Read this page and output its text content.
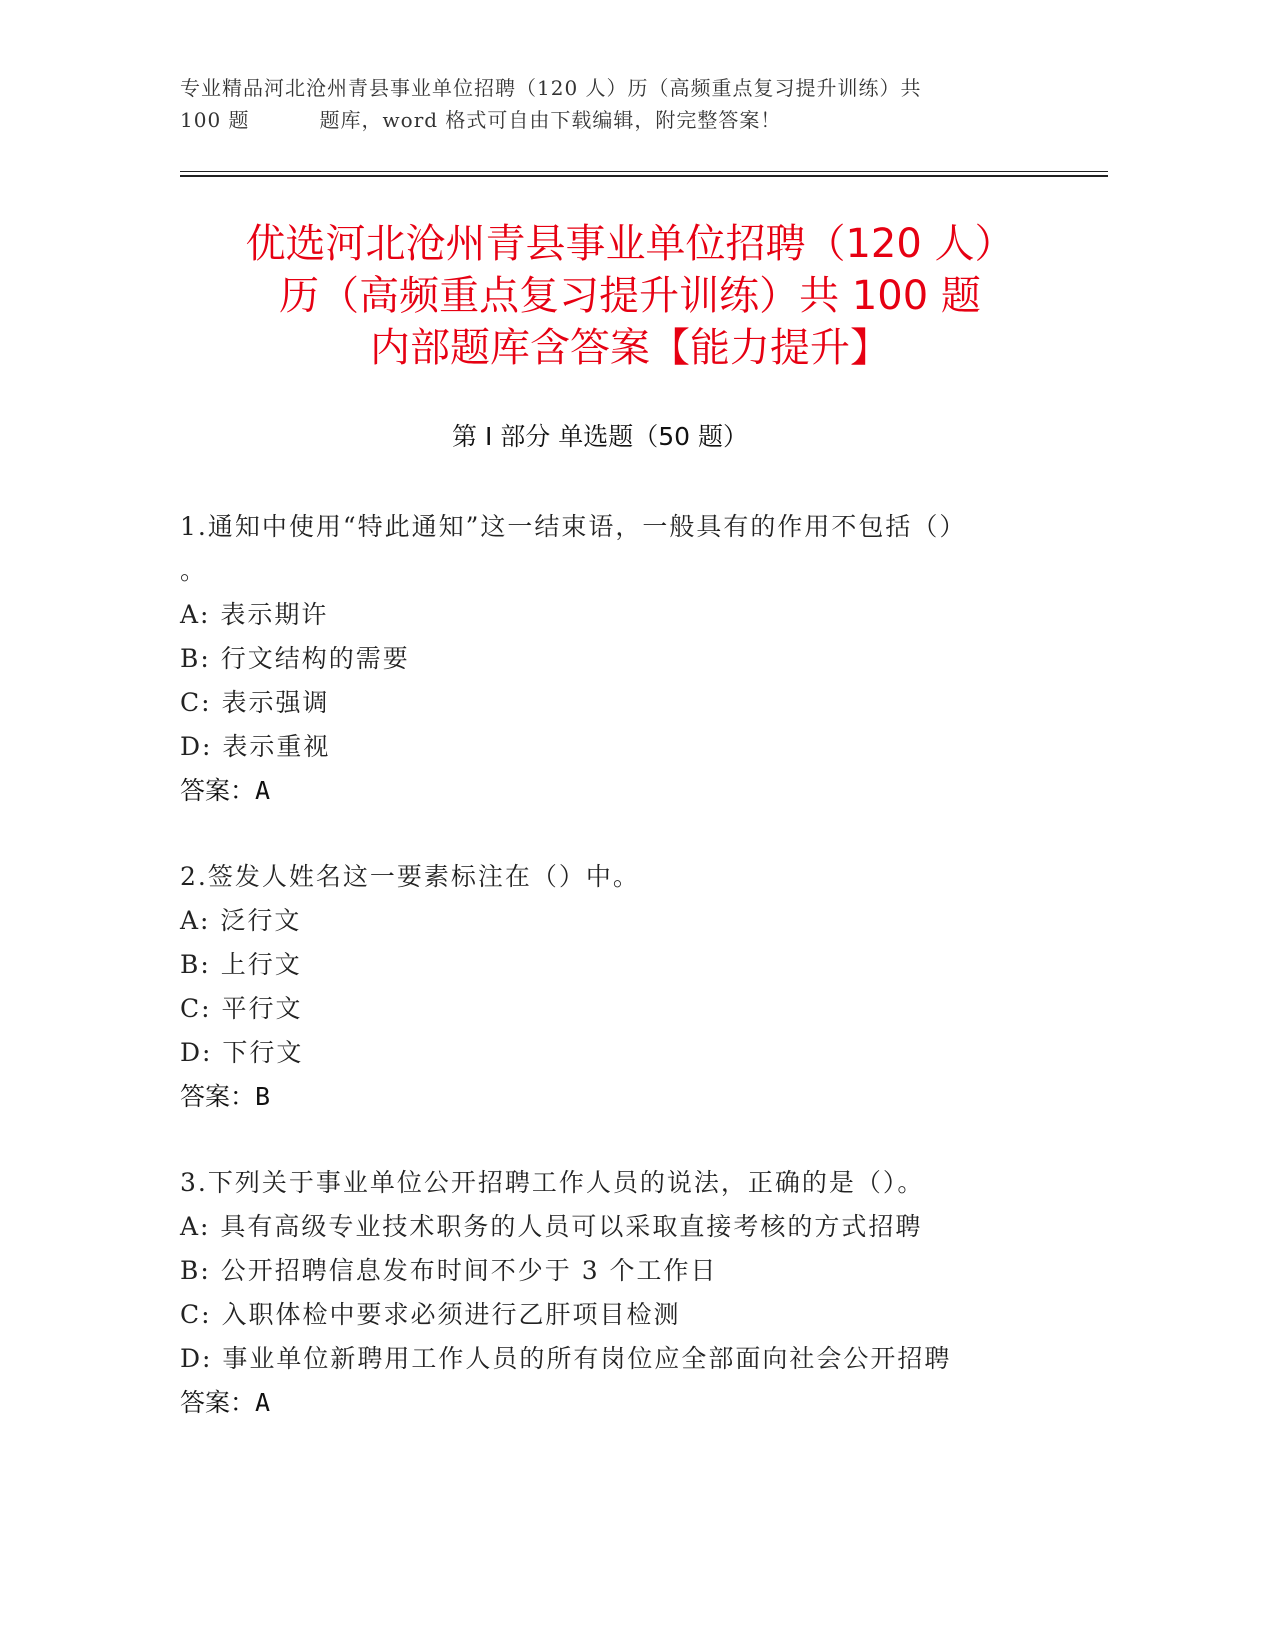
专业精品河北沧州青县事业单位招聘（120 人）历（高频重点复习提升训练）共
100 题	题库，word 格式可自由下载编辑，附完整答案！
优选河北沧州青县事业单位招聘（120 人）
历（高频重点复习提升训练）共 100 题
内部题库含答案【能力提升】
第 I 部分 单选题（50 题）
1.通知中使用“特此通知”这一结束语，一般具有的作用不包括（）
。
A: 表示期许
B: 行文结构的需要
C: 表示强调
D: 表示重视
答案：A
2.签发人姓名这一要素标注在（）中。
A: 泛行文
B: 上行文
C: 平行文
D: 下行文
答案：B
3.下列关于事业单位公开招聘工作人员的说法，正确的是（）。
A: 具有高级专业技术职务的人员可以采取直接考核的方式招聘
B: 公开招聘信息发布时间不少于 3 个工作日
C: 入职体检中要求必须进行乙肝项目检测
D: 事业单位新聘用工作人员的所有岗位应全部面向社会公开招聘
答案：A
